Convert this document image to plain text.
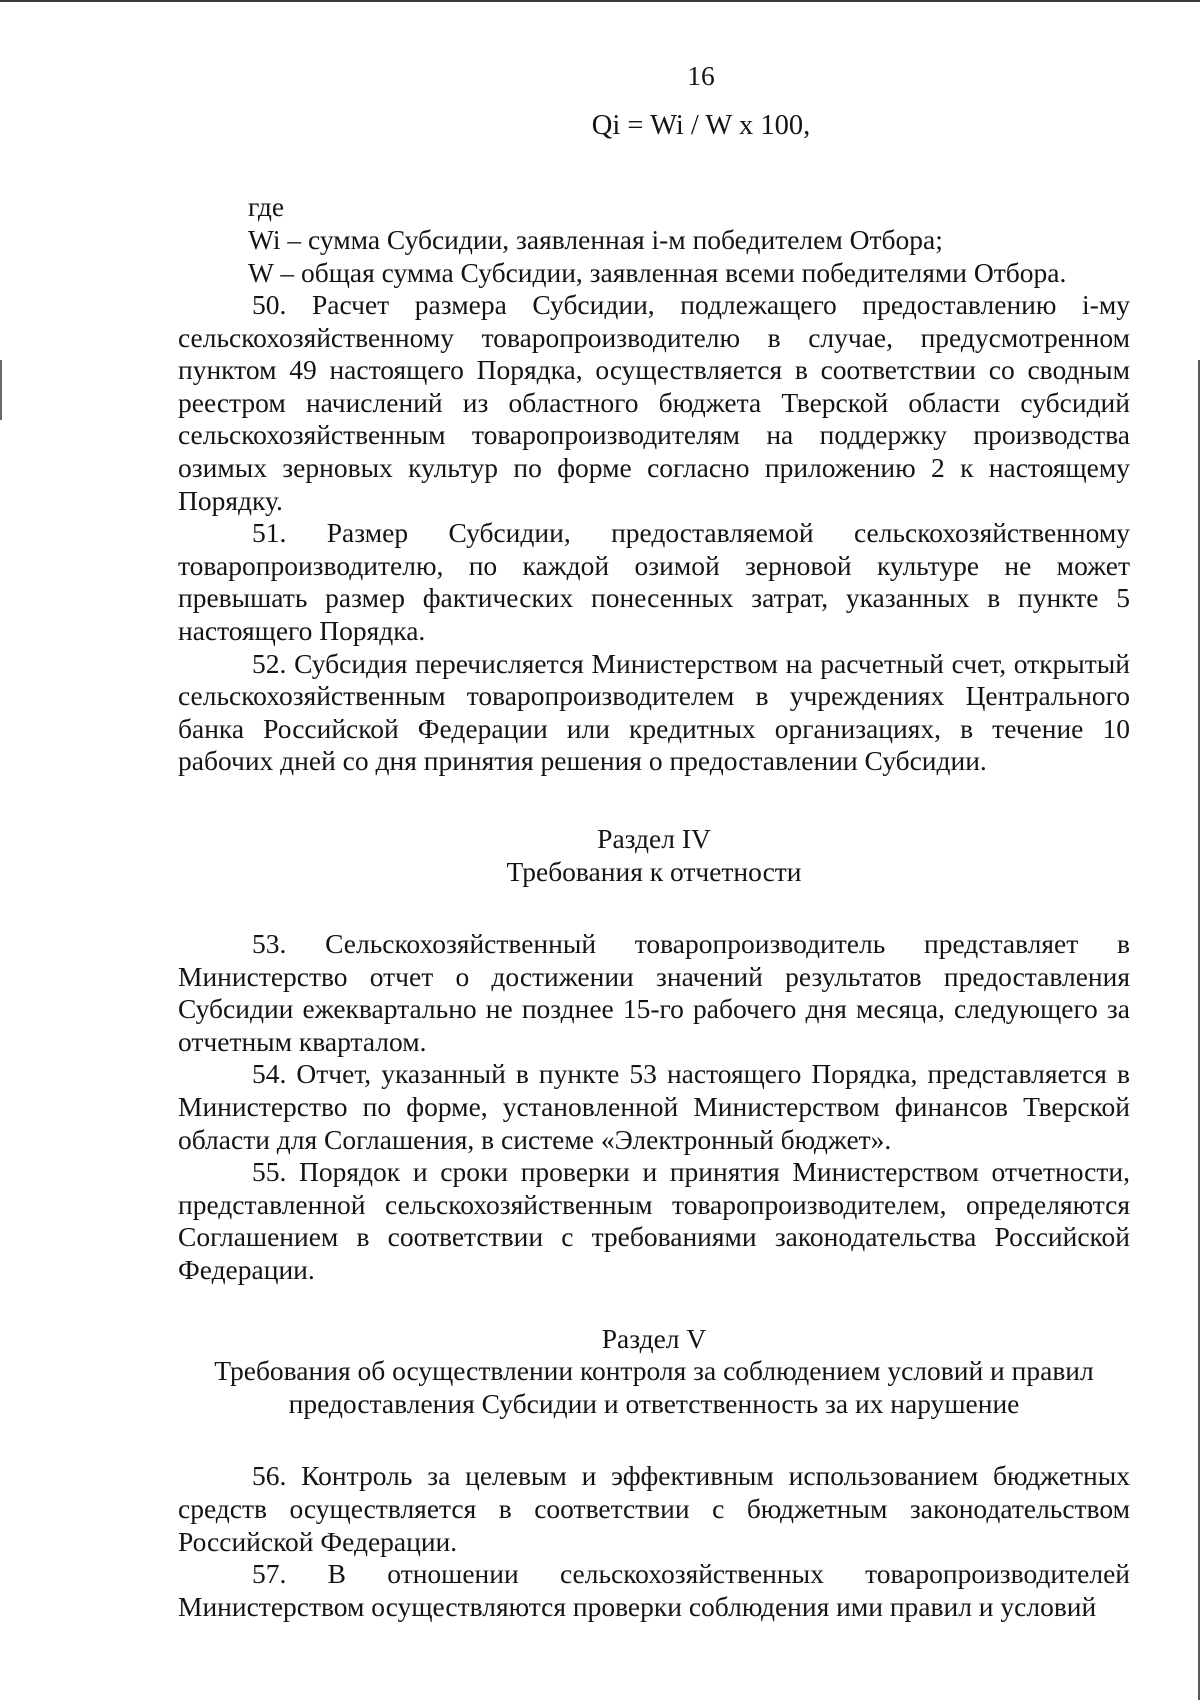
16
Qi = Wi / W x 100,
где
Wi – сумма Субсидии, заявленная i-м победителем Отбора;
W – общая сумма Субсидии, заявленная всеми победителями Отбора.

50. Расчет размера Субсидии, подлежащего предоставлению i-му сельскохозяйственному товаропроизводителю в случае, предусмотренном пунктом 49 настоящего Порядка, осуществляется в соответствии со сводным реестром начислений из областного бюджета Тверской области субсидий сельскохозяйственным товаропроизводителям на поддержку производства озимых зерновых культур по форме согласно приложению 2 к настоящему Порядку.

51. Размер Субсидии, предоставляемой сельскохозяйственному товаропроизводителю, по каждой озимой зерновой культуре не может превышать размер фактических понесенных затрат, указанных в пункте 5 настоящего Порядка.

52. Субсидия перечисляется Министерством на расчетный счет, открытый сельскохозяйственным товаропроизводителем в учреждениях Центрального банка Российской Федерации или кредитных организациях, в течение 10 рабочих дней со дня принятия решения о предоставлении Субсидии.

Раздел IV
Требования к отчетности

53. Сельскохозяйственный товаропроизводитель представляет в Министерство отчет о достижении значений результатов предоставления Субсидии ежеквартально не позднее 15-го рабочего дня месяца, следующего за отчетным кварталом.

54. Отчет, указанный в пункте 53 настоящего Порядка, представляется в Министерство по форме, установленной Министерством финансов Тверской области для Соглашения, в системе «Электронный бюджет».

55. Порядок и сроки проверки и принятия Министерством отчетности, представленной сельскохозяйственным товаропроизводителем, определяются Соглашением в соответствии с требованиями законодательства Российской Федерации.

Раздел V
Требования об осуществлении контроля за соблюдением условий и правил
предоставления Субсидии и ответственность за их нарушение

56. Контроль за целевым и эффективным использованием бюджетных средств осуществляется в соответствии с бюджетным законодательством Российской Федерации.

57. В отношении сельскохозяйственных товаропроизводителей Министерством осуществляются проверки соблюдения ими правил и условий
